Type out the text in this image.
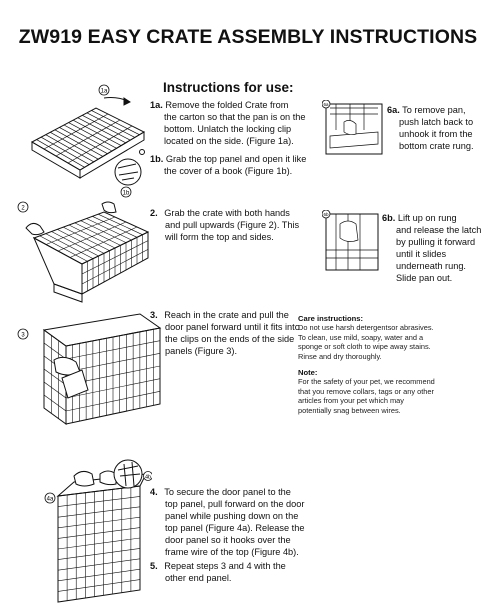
ZW919 EASY CRATE ASSEMBLY INSTRUCTIONS
Instructions for use:
1a. Remove the folded Crate from
the carton so that the pan is on the
bottom. Unlatch the locking clip
located on the side. (Figure 1a).
1b. Grab the top panel and open it like
the cover of a book (Figure 1b).
2. Grab the crate with both hands
and pull upwards (Figure 2). This
will form the top and sides.
3. Reach in the crate and pull the
door panel forward until it fits into
the clips on the ends of the side
panels (Figure 3).
4. To secure the door panel to the
top panel, pull forward on the door
panel while pushing down on the
top panel (Figure 4a). Release the
door panel so it hooks over the
frame wire of the top (Figure 4b).
5. Repeat steps 3 and 4 with the
other end panel.
6a. To remove pan,
push latch back to
unhook it from the
bottom crate rung.
6b. Lift up on rung
and release the latch
by pulling it forward
until it slides
underneath rung.
Slide pan out.
Care instructions:
Do not use harsh detergentsor abrasives.
To clean, use mild, soapy, water and a
sponge or soft cloth to wipe away stains.
Rinse and dry thoroughly.
Note:
For the safety of your pet, we recommend
that you remove collars, tags or any other
articles from your pet which may
potentially snag between wires.
1a
1b
2
3
4a
4b
6a
6b
